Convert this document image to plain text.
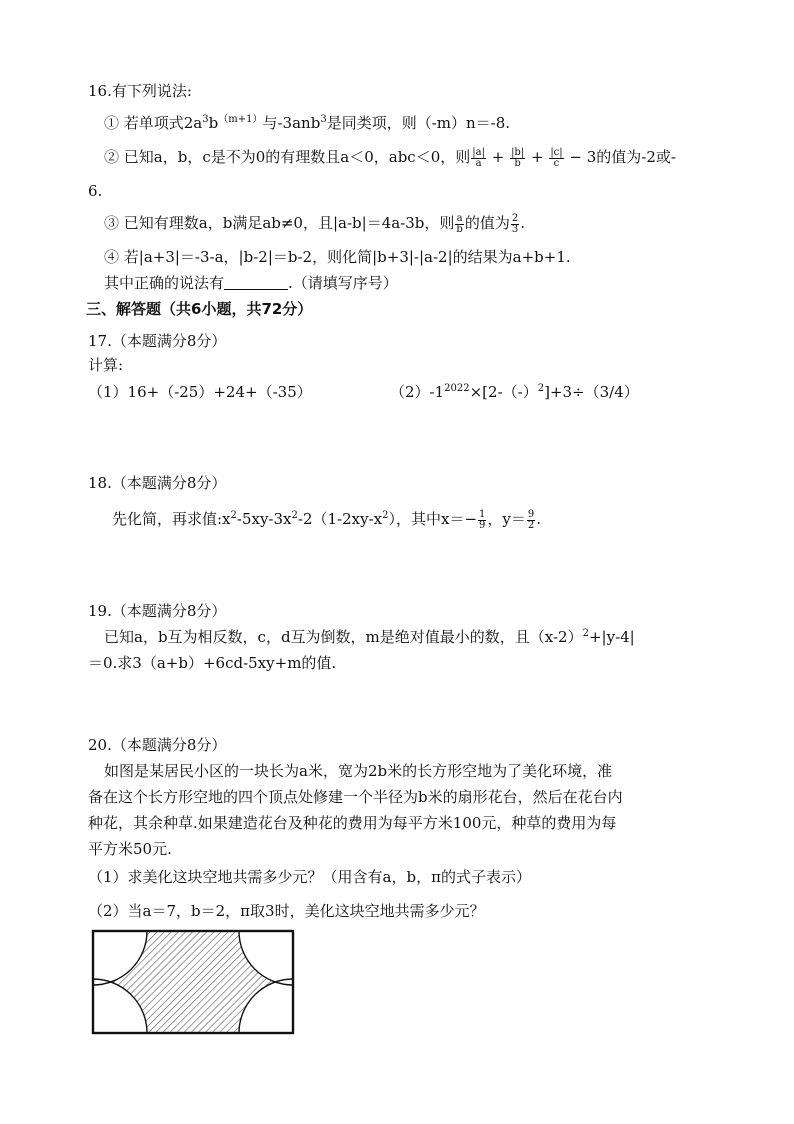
16.有下列说法:
① 若单项式$2a^3b^{(m+1)}$与-3anb$^3$是同类项，则（-m）n＝-8.
② 已知a，b，c是不为0的有理数且a＜0，abc＜0，则 $\frac{|a|}{a} + \frac{|b|}{b} + \frac{|c|}{c} - 3$的值为-2或-
6.
③ 已知有理数a，b满足ab≠0，且|a-b|＝4a-3b，则 $\frac{a}{b}$ 的值为 $\frac{2}{3}$ .
④ 若|a+3|＝-3-a，|b-2|＝b-2，则化简|b+3|-|a-2|的结果为a+b+1.
其中正确的说法有	.（请填写序号）
三、解答题（共6小题，共72分）
17.（本题满分8分）
计算:
（1）16+（-25）+24+（-35）	$(2)-1^{2022}\times[2-(-)^2]+3\div(3/4)$
18.（本题满分8分）
先化简，再求值$:x^2-5xy-3x^2-2(1-2xy-x^2)$，其中$x=- \frac{1}{9}$ ，$y= \frac{9}{2}$ .
19.（本题满分8分）
已知a，b互为相反数，c，d互为倒数，m是绝对值最小的数，且$(x-2)^2+|y-4|$
＝0.求3（a+b）+6cd-5xy+m的值.
20.（本题满分8分）
如图是某居民小区的一块长为a米，宽为2b米的长方形空地为了美化环境，准
备在这个长方形空地的四个顶点处修建一个半径为b米的扇形花台，然后在花台内
种花，其余种草.如果建造花台及种花的费用为每平方米100元，种草的费用为每
平方米50元.
（1）求美化这块空地共需多少元？（用含有a，b，π的式子表示）
（2）当a＝7，b＝2，π取3时，美化这块空地共需多少元？
